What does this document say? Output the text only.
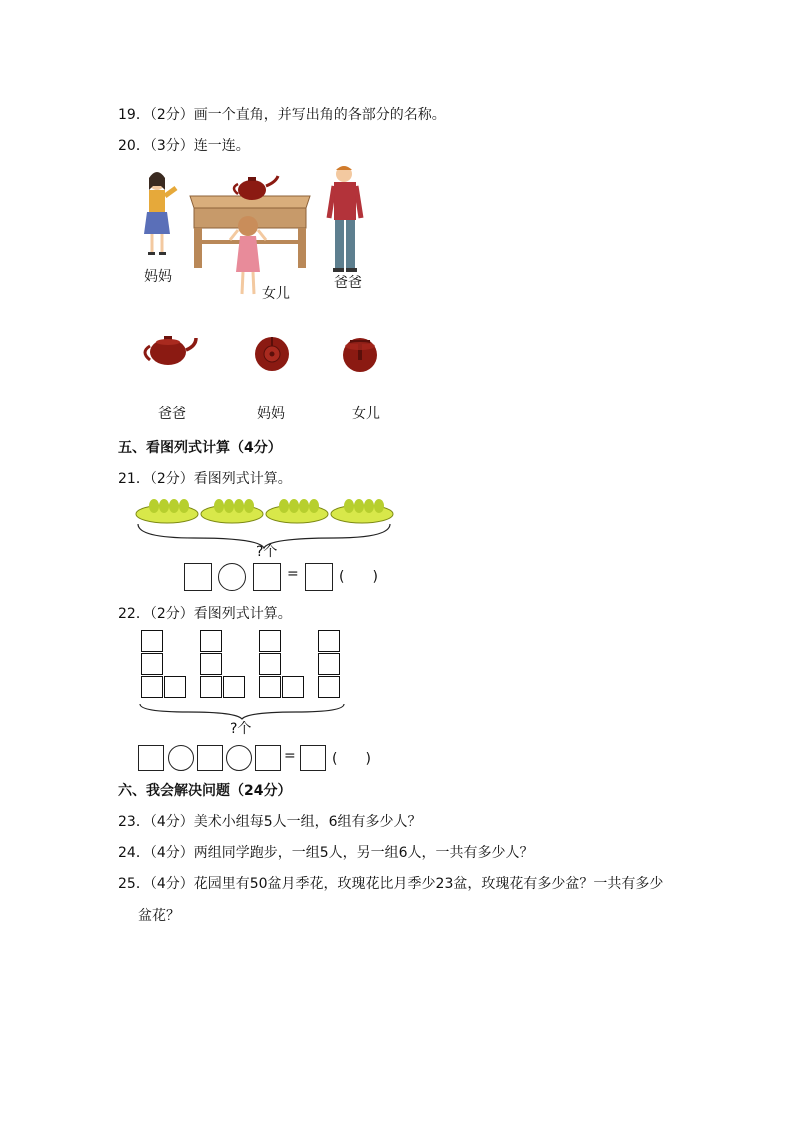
19．（2分）画一个直角，并写出角的各部分的名称。
20．（3分）连一连。
妈妈
女儿
爸爸
爸爸	妈妈	女儿
五、看图列式计算（4分）
21．（2分）看图列式计算。
?个
=	(　　)
22．（2分）看图列式计算。
?个
=	(　　)
六、我会解决问题（24分）
23．（4分）美术小组每5人一组，6组有多少人？
24．（4分）两组同学跑步，一组5人，另一组6人，一共有多少人？
25．（4分）花园里有50盆月季花，玫瑰花比月季少23盆，玫瑰花有多少盆？一共有多少
盆花？
